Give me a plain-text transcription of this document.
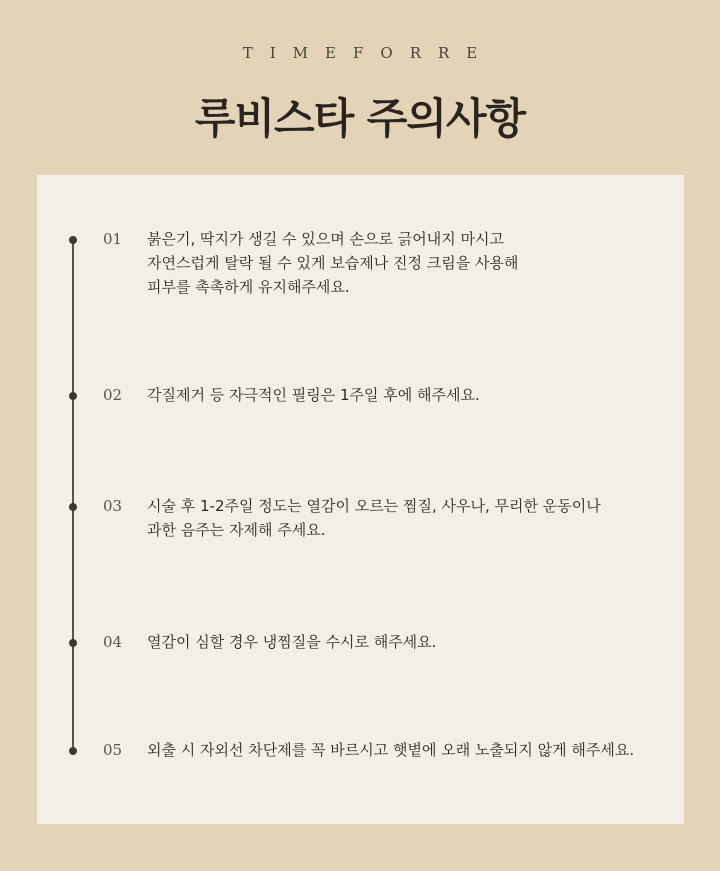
TIMEFORRE
루비스타 주의사항
01 붉은기, 딱지가 생길 수 있으며 손으로 긁어내지 마시고
자연스럽게 탈락 될 수 있게 보습제나 진정 크림을 사용해
피부를 촉촉하게 유지해주세요.
02 각질제거 등 자극적인 필링은 1주일 후에 해주세요.
03 시술 후 1-2주일 정도는 열감이 오르는 찜질, 사우나, 무리한 운동이나
과한 음주는 자제해 주세요.
04 열감이 심할 경우 냉찜질을 수시로 해주세요.
05 외출 시 자외선 차단제를 꼭 바르시고 햇볕에 오래 노출되지 않게 해주세요.
